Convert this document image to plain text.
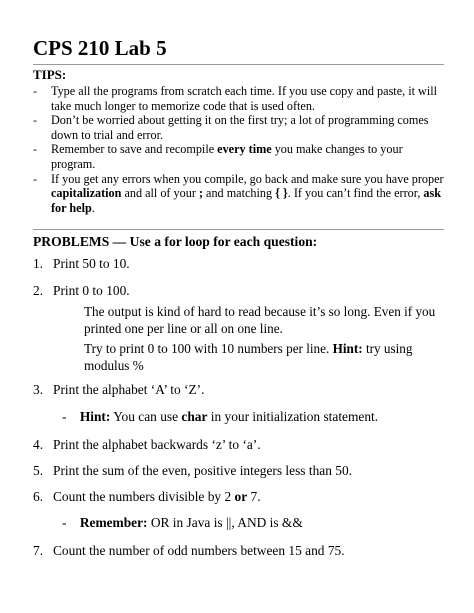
CPS 210 Lab 5
TIPS:
- Type all the programs from scratch each time. If you use copy and paste, it will take much longer to memorize code that is used often.
- Don’t be worried about getting it on the first try; a lot of programming comes down to trial and error.
- Remember to save and recompile every time you make changes to your program.
- If you get any errors when you compile, go back and make sure you have proper capitalization and all of your ; and matching { }. If you can’t find the error, ask for help.
PROBLEMS — Use a for loop for each question:
1. Print 50 to 10.
2. Print 0 to 100.
The output is kind of hard to read because it’s so long. Even if you printed one per line or all on one line.
Try to print 0 to 100 with 10 numbers per line. Hint: try using modulus %
3. Print the alphabet ‘A’ to ‘Z’.
- Hint: You can use char in your initialization statement.
4. Print the alphabet backwards ‘z’ to ‘a’.
5. Print the sum of the even, positive integers less than 50.
6. Count the numbers divisible by 2 or 7.
- Remember: OR in Java is ||, AND is &&
7. Count the number of odd numbers between 15 and 75.
